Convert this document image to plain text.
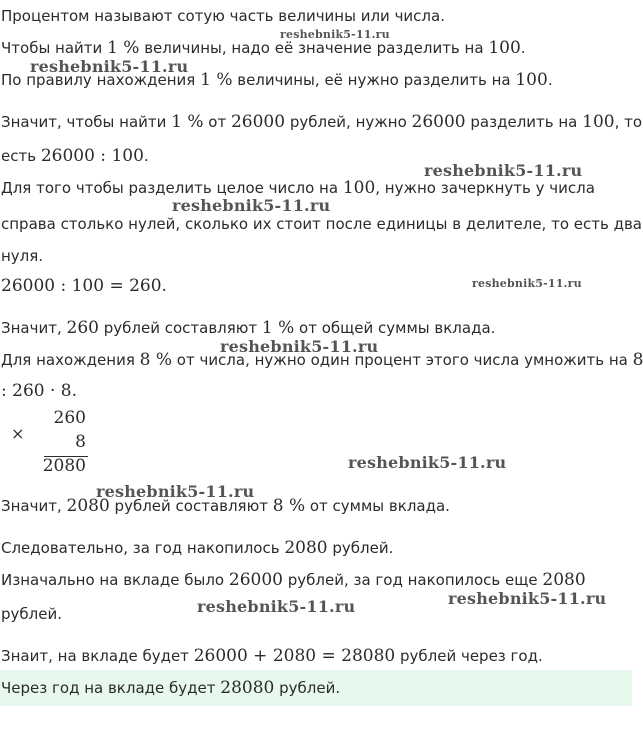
Процентом называют сотую часть величины или числа.
Чтобы найти 1 % величины, надо её значение разделить на 100.
По правилу нахождения 1 % величины, её нужно разделить на 100.
Значит, чтобы найти 1 % от 26000 рублей, нужно 26000 разделить на 100, то
есть 26000 : 100.
Для того чтобы разделить целое число на 100, нужно зачеркнуть у числа
справа столько нулей, сколько их стоит после единицы в делителе, то есть два
нуля.
26000 : 100 = 260.
Значит, 260 рублей составляют 1 % от общей суммы вклада.
Для нахождения 8 % от числа, нужно один процент этого числа умножить на 8
: 260 · 8.
×
260
8
2080
Значит, 2080 рублей составляют 8 % от суммы вклада.
Следовательно, за год накопилось 2080 рублей.
Изначально на вкладе было 26000 рублей, за год накопилось еще 2080
рублей.
Знаит, на вкладе будет 26000 + 2080 = 28080 рублей через год.
Через год на вкладе будет 28080 рублей.
reshebnik5-11.ru
reshebnik5-11.ru
reshebnik5-11.ru
reshebnik5-11.ru
reshebnik5-11.ru
reshebnik5-11.ru
reshebnik5-11.ru
reshebnik5-11.ru
reshebnik5-11.ru
reshebnik5-11.ru
